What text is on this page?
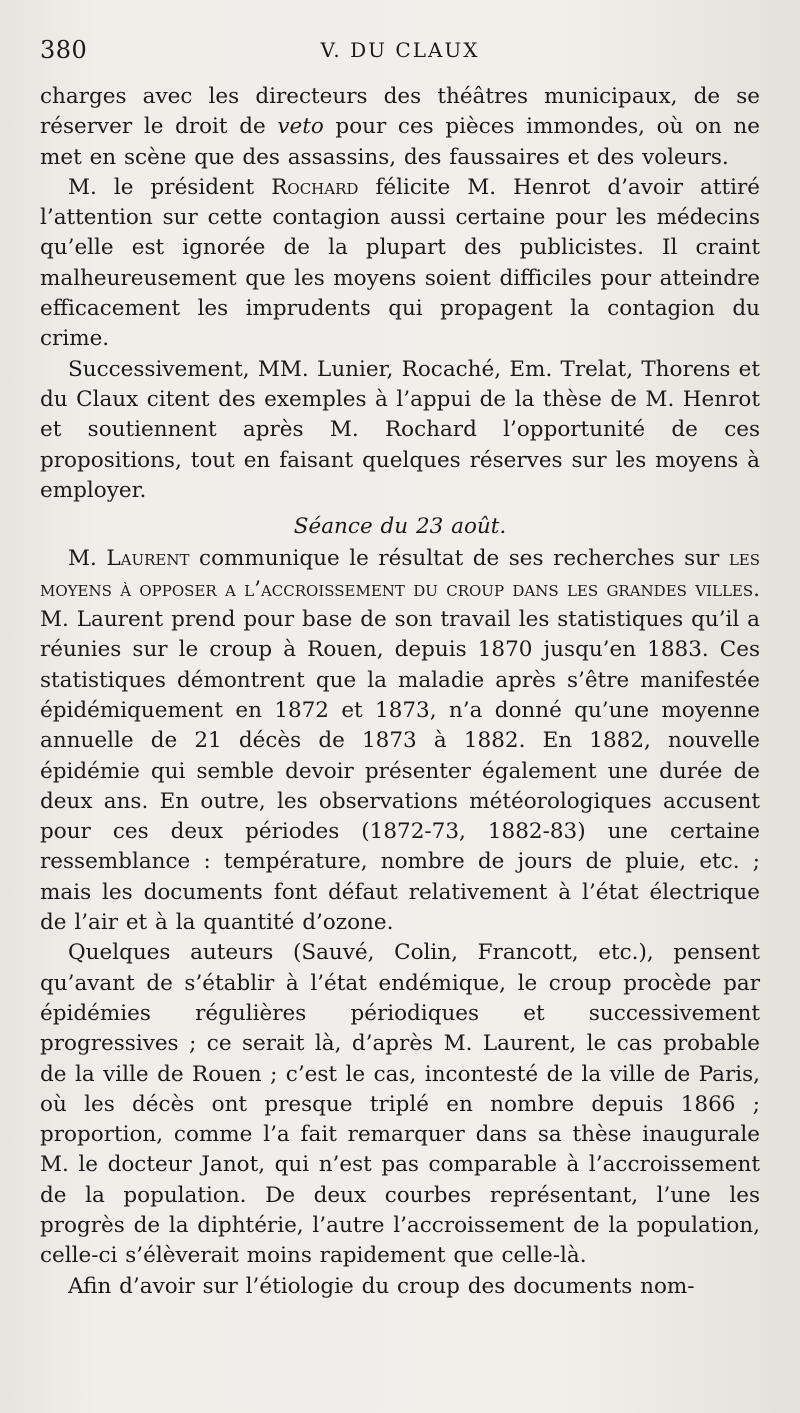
380	V. DU CLAUX

charges avec les directeurs des théâtres municipaux, de se réserver le droit de veto pour ces pièces immondes, où on ne met en scène que des assassins, des faussaires et des voleurs.

M. le président Rochard félicite M. Henrot d’avoir attiré l’attention sur cette contagion aussi certaine pour les médecins qu’elle est ignorée de la plupart des publicistes. Il craint malheureusement que les moyens soient difficiles pour atteindre efficacement les imprudents qui propagent la contagion du crime.

Successivement, MM. Lunier, Rocaché, Em. Trelat, Thorens et du Claux citent des exemples à l’appui de la thèse de M. Henrot et soutiennent après M. Rochard l’opportunité de ces propositions, tout en faisant quelques réserves sur les moyens à employer.

Séance du 23 août.

M. Laurent communique le résultat de ses recherches sur les moyens à opposer a l’accroissement du croup dans les grandes villes. M. Laurent prend pour base de son travail les statistiques qu’il a réunies sur le croup à Rouen, depuis 1870 jusqu’en 1883. Ces statistiques démontrent que la maladie après s’être manifestée épidémiquement en 1872 et 1873, n’a donné qu’une moyenne annuelle de 21 décès de 1873 à 1882. En 1882, nouvelle épidémie qui semble devoir présenter également une durée de deux ans. En outre, les observations météorologiques accusent pour ces deux périodes (1872-73, 1882-83) une certaine ressemblance : température, nombre de jours de pluie, etc. ; mais les documents font défaut relativement à l’état électrique de l’air et à la quantité d’ozone.

Quelques auteurs (Sauvé, Colin, Francott, etc.), pensent qu’avant de s’établir à l’état endémique, le croup procède par épidémies régulières périodiques et successivement progressives ; ce serait là, d’après M. Laurent, le cas probable de la ville de Rouen ; c’est le cas, incontesté de la ville de Paris, où les décès ont presque triplé en nombre depuis 1866 ; proportion, comme l’a fait remarquer dans sa thèse inaugurale M. le docteur Janot, qui n’est pas comparable à l’accroissement de la population. De deux courbes représentant, l’une les progrès de la diphtérie, l’autre l’accroissement de la population, celle-ci s’élèverait moins rapidement que celle-là.

Afin d’avoir sur l’étiologie du croup des documents nom-
